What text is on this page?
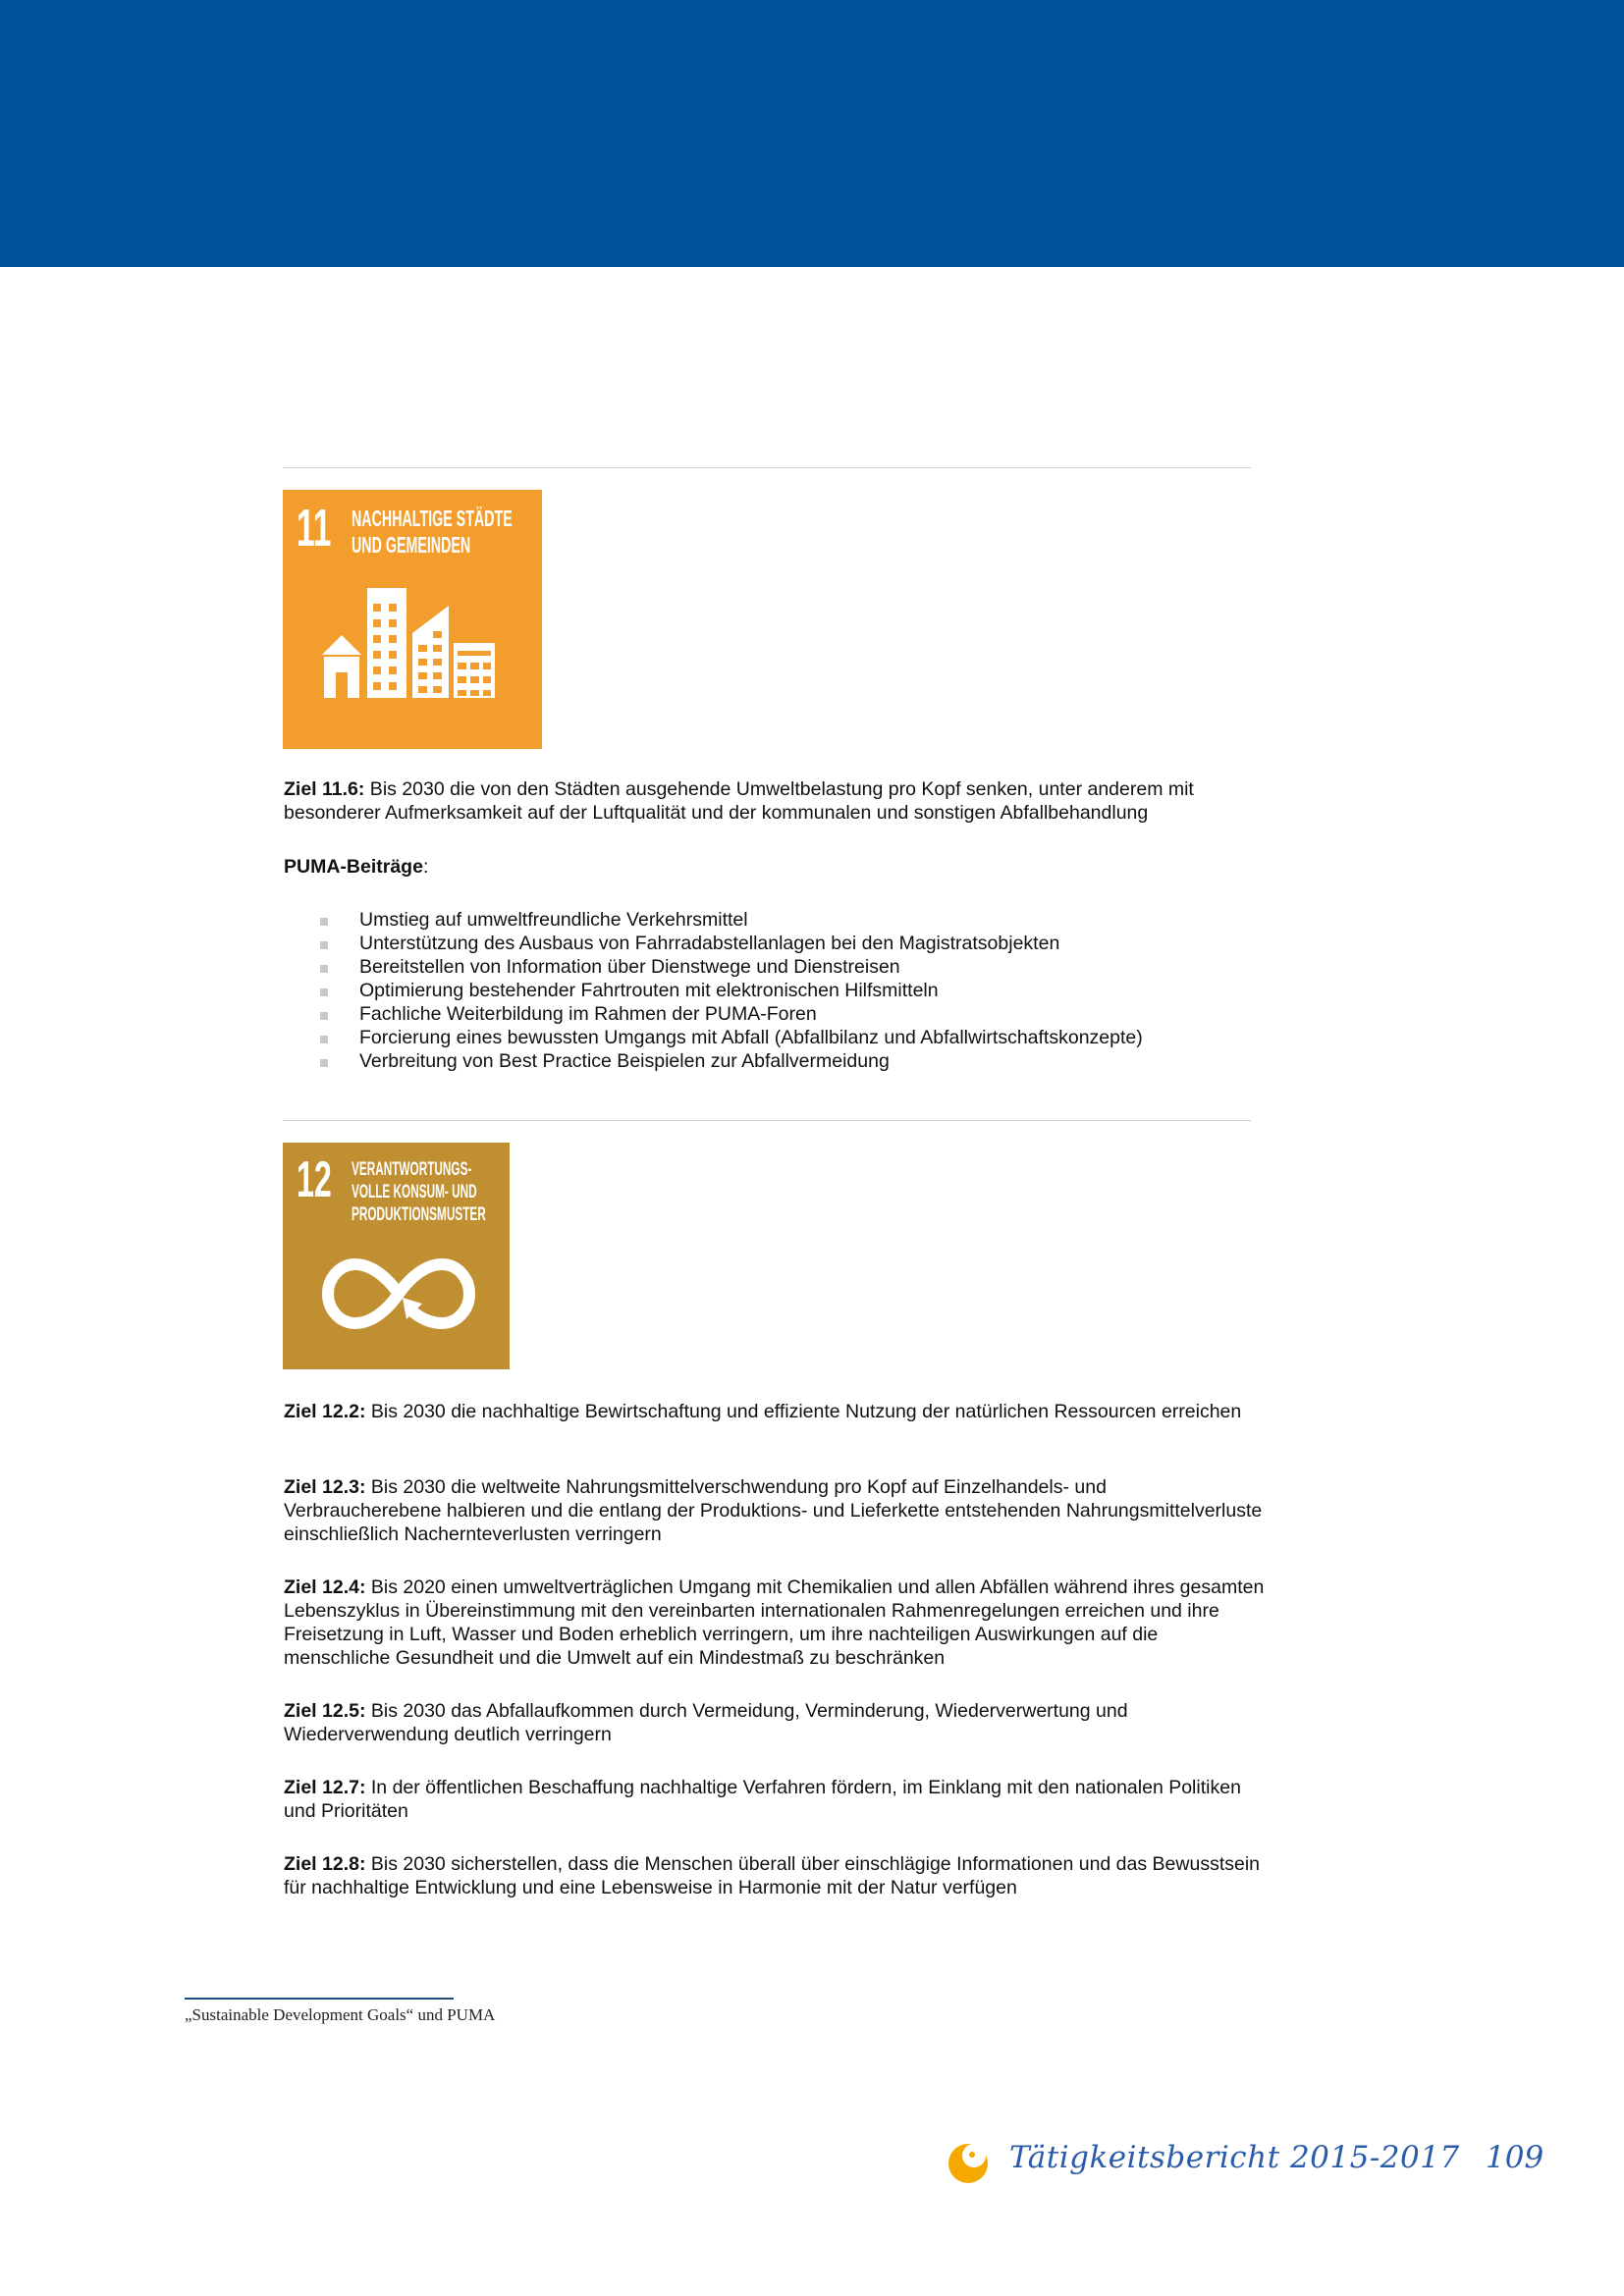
11 NACHHALTIGE STÄDTE
UND GEMEINDEN
Ziel 11.6: Bis 2030 die von den Städten ausgehende Umweltbelastung pro Kopf senken, unter anderem mit besonderer Aufmerksamkeit auf der Luftqualität und der kommunalen und sonstigen Abfallbehandlung
PUMA-Beiträge:
Umstieg auf umweltfreundliche Verkehrsmittel
Unterstützung des Ausbaus von Fahrradabstellanlagen bei den Magistratsobjekten
Bereitstellen von Information über Dienstwege und Dienstreisen
Optimierung bestehender Fahrtrouten mit elektronischen Hilfsmitteln
Fachliche Weiterbildung im Rahmen der PUMA-Foren
Forcierung eines bewussten Umgangs mit Abfall (Abfallbilanz und Abfallwirtschaftskonzepte)
Verbreitung von Best Practice Beispielen zur Abfallvermeidung
12 VERANTWORTUNGS-
VOLLE KONSUM- UND
PRODUKTIONSMUSTER
Ziel 12.2: Bis 2030 die nachhaltige Bewirtschaftung und effiziente Nutzung der natürlichen Ressourcen erreichen
Ziel 12.3: Bis 2030 die weltweite Nahrungsmittelverschwendung pro Kopf auf Einzelhandels- und Verbraucherebene halbieren und die entlang der Produktions- und Lieferkette entstehenden Nahrungsmittelverluste einschließlich Nachernteverlusten verringern
Ziel 12.4: Bis 2020 einen umweltverträglichen Umgang mit Chemikalien und allen Abfällen während ihres gesamten Lebenszyklus in Übereinstimmung mit den vereinbarten internationalen Rahmenregelungen erreichen und ihre Freisetzung in Luft, Wasser und Boden erheblich verringern, um ihre nachteiligen Auswirkungen auf die menschliche Gesundheit und die Umwelt auf ein Mindestmaß zu beschränken
Ziel 12.5: Bis 2030 das Abfallaufkommen durch Vermeidung, Verminderung, Wiederverwertung und Wiederverwendung deutlich verringern
Ziel 12.7: In der öffentlichen Beschaffung nachhaltige Verfahren fördern, im Einklang mit den nationalen Politiken und Prioritäten
Ziel 12.8: Bis 2030 sicherstellen, dass die Menschen überall über einschlägige Informationen und das Bewusstsein für nachhaltige Entwicklung und eine Lebensweise in Harmonie mit der Natur verfügen
„Sustainable Development Goals“ und PUMA
Tätigkeitsbericht 2015-2017 109
